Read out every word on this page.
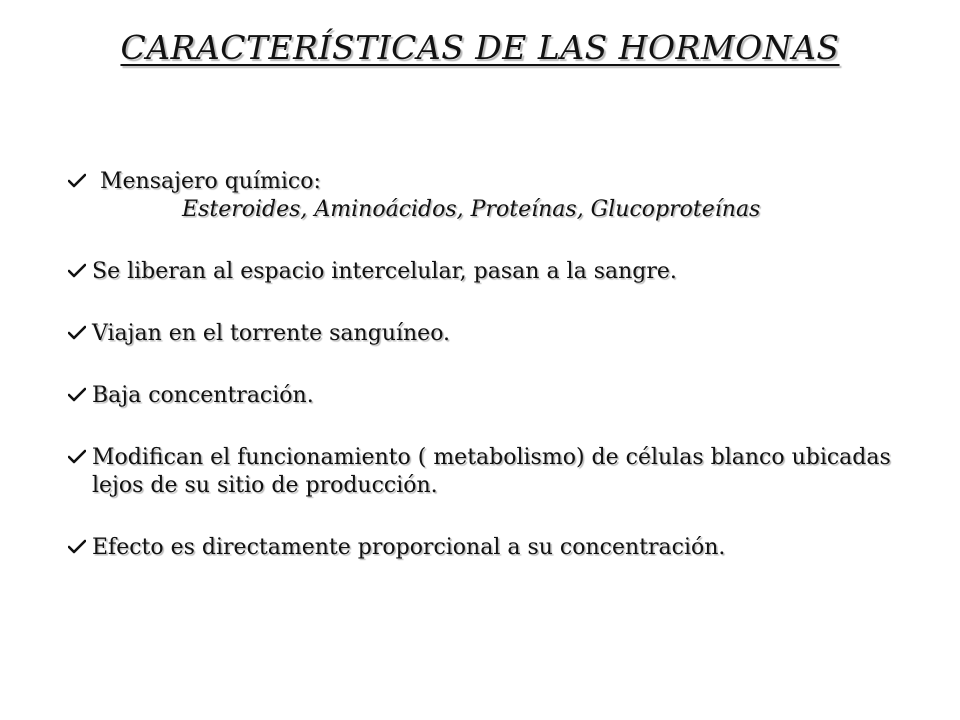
CARACTERÍSTICAS DE LAS HORMONAS
Mensajero químico:
Esteroides, Aminoácidos, Proteínas, Glucoproteínas
Se liberan al espacio intercelular, pasan a la sangre.
Viajan en el torrente sanguíneo.
Baja concentración.
Modifican el funcionamiento ( metabolismo) de células blanco ubicadas lejos de su sitio de producción.
Efecto es directamente proporcional a su concentración.
